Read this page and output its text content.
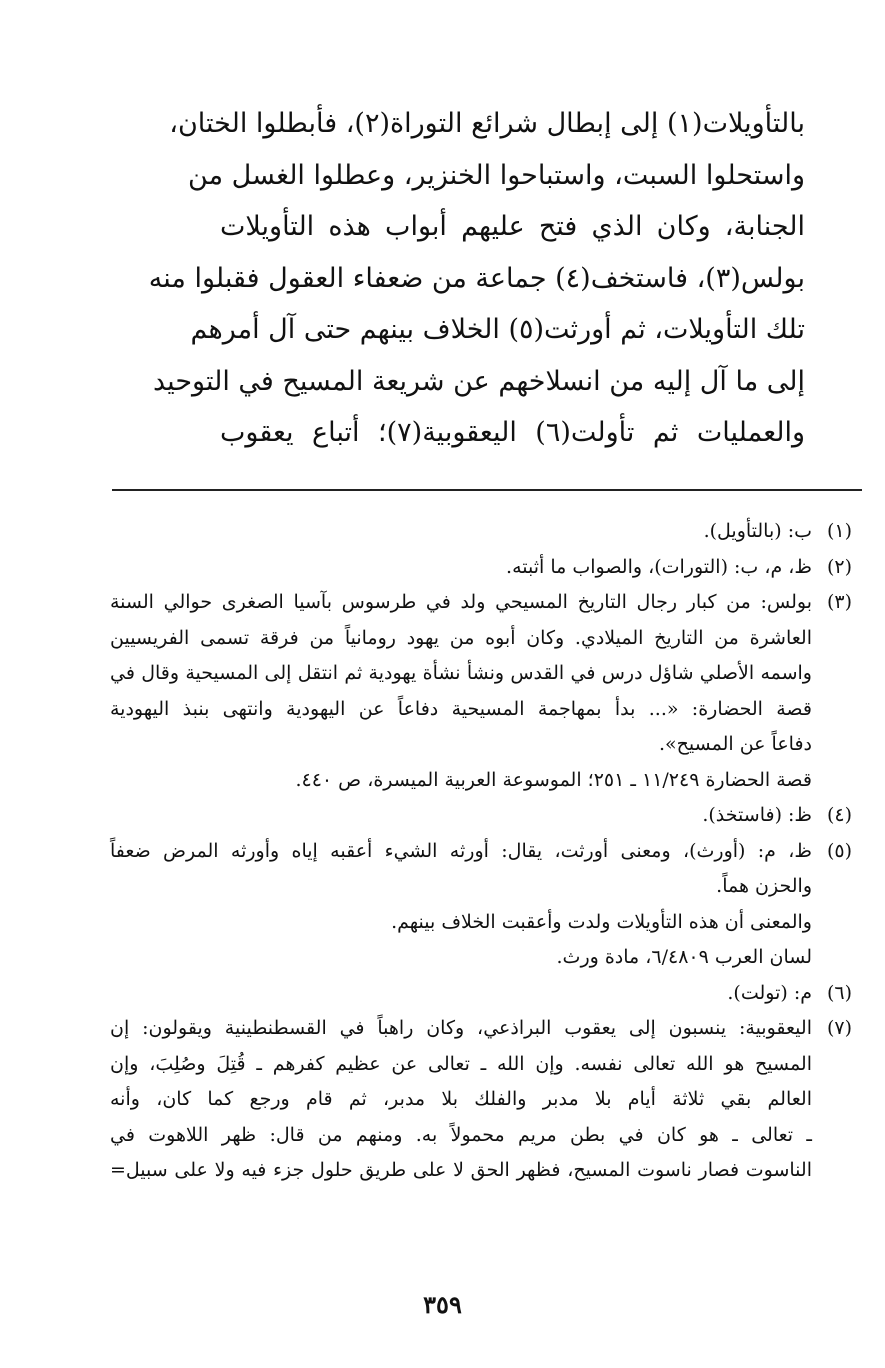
بالتأويلات(١) إلى إبطال شرائع التوراة(٢)، فأبطلوا الختان،
واستحلوا السبت، واستباحوا الخنزير، وعطلوا الغسل من
الجنابة، وكان الذي فتح عليهم أبواب هذه التأويلات
بولس(٣)، فاستخف(٤) جماعة من ضعفاء العقول فقبلوا منه
تلك التأويلات، ثم أورثت(٥) الخلاف بينهم حتى آل أمرهم
إلى ما آل إليه من انسلاخهم عن شريعة المسيح في التوحيد
والعمليات ثم تأولت(٦) اليعقوبية(٧)؛ أتباع يعقوب
(١)
ب: (بالتأويل).
(٢)
ظ، م، ب: (التورات)، والصواب ما أثبته.
(٣)
بولس: من كبار رجال التاريخ المسيحي ولد في طرسوس بآسيا الصغرى حوالي السنة
العاشرة من التاريخ الميلادي. وكان أبوه من يهود رومانياً من فرقة تسمى الفريسيين
واسمه الأصلي شاؤل درس في القدس ونشأ نشأة يهودية ثم انتقل إلى المسيحية وقال في
قصة الحضارة: «... بدأ بمهاجمة المسيحية دفاعاً عن اليهودية وانتهى بنبذ اليهودية
دفاعاً عن المسيح».
قصة الحضارة ١١/٢٤٩ ـ ٢٥١؛ الموسوعة العربية الميسرة، ص ٤٤٠.
(٤)
ظ: (فاستخذ).
(٥)
ظ، م: (أورث)، ومعنى أورثت، يقال: أورثه الشيء أعقبه إياه وأورثه المرض ضعفاً
والحزن هماً.
والمعنى أن هذه التأويلات ولدت وأعقبت الخلاف بينهم.
لسان العرب ٦/٤٨٠٩، مادة ورث.
(٦)
م: (تولت).
(٧)
اليعقوبية: ينسبون إلى يعقوب البراذعي، وكان راهباً في القسطنطينية ويقولون: إن
المسيح هو الله تعالى نفسه. وإن الله ـ تعالى عن عظيم كفرهم ـ قُتِلَ وصُلِبَ، وإن
العالم بقي ثلاثة أيام بلا مدبر والفلك بلا مدبر، ثم قام ورجع كما كان، وأنه
ـ تعالى ـ هو كان في بطن مريم محمولاً به. ومنهم من قال: ظهر اللاهوت في
الناسوت فصار ناسوت المسيح، فظهر الحق لا على طريق حلول جزء فيه ولا على سبيل=
٣٥٩
